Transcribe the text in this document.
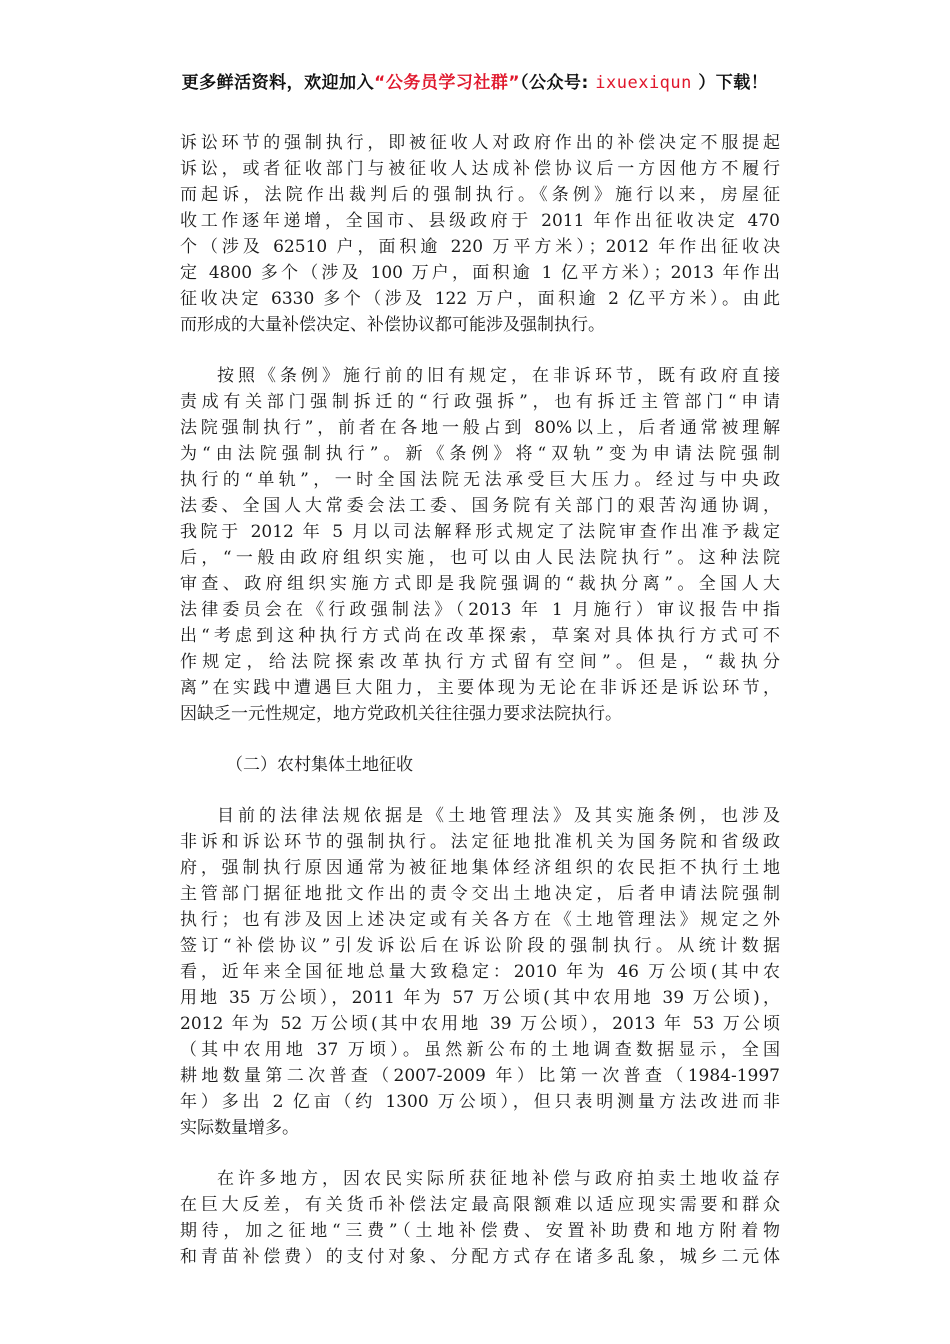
更多鲜活资料，欢迎加入“公务员学习社群”（公众号: ixuexiqun ）下载！
诉讼环节的强制执行，即被征收人对政府作出的补偿决定不服提起
诉讼，或者征收部门与被征收人达成补偿协议后一方因他方不履行
而起诉，法院作出裁判后的强制执行。《条例》施行以来，房屋征
收工作逐年递增，全国市、县级政府于 2011 年作出征收决定 470
个（涉及 62510 户，面积逾 220 万平方米）；2012 年作出征收决
定 4800 多个（涉及 100 万户，面积逾 1 亿平方米）；2013 年作出
征收决定 6330 多个（涉及 122 万户，面积逾 2 亿平方米）。由此
而形成的大量补偿决定、补偿协议都可能涉及强制执行。
按照《条例》施行前的旧有规定，在非诉环节，既有政府直接
责成有关部门强制拆迁的“行政强拆”，也有拆迁主管部门“申请
法院强制执行”，前者在各地一般占到 80%以上，后者通常被理解
为“由法院强制执行”。新《条例》将“双轨”变为申请法院强制
执行的“单轨”，一时全国法院无法承受巨大压力。经过与中央政
法委、全国人大常委会法工委、国务院有关部门的艰苦沟通协调，
我院于 2012 年 5 月以司法解释形式规定了法院审查作出准予裁定
后，“一般由政府组织实施，也可以由人民法院执行”。这种法院
审查、政府组织实施方式即是我院强调的“裁执分离”。全国人大
法律委员会在《行政强制法》（2013 年 1 月施行）审议报告中指
出“考虑到这种执行方式尚在改革探索，草案对具体执行方式可不
作规定，给法院探索改革执行方式留有空间”。但是，“裁执分
离”在实践中遭遇巨大阻力，主要体现为无论在非诉还是诉讼环节，
因缺乏一元性规定，地方党政机关往往强力要求法院执行。
（二）农村集体土地征收
目前的法律法规依据是《土地管理法》及其实施条例，也涉及
非诉和诉讼环节的强制执行。法定征地批准机关为国务院和省级政
府，强制执行原因通常为被征地集体经济组织的农民拒不执行土地
主管部门据征地批文作出的责令交出土地决定，后者申请法院强制
执行；也有涉及因上述决定或有关各方在《土地管理法》规定之外
签订“补偿协议”引发诉讼后在诉讼阶段的强制执行。从统计数据
看，近年来全国征地总量大致稳定：2010 年为 46 万公顷(其中农
用地 35 万公顷），2011 年为 57 万公顷(其中农用地 39 万公顷)，
2012 年为 52 万公顷(其中农用地 39 万公顷），2013 年 53 万公顷
（其中农用地 37 万顷）。虽然新公布的土地调查数据显示，全国
耕地数量第二次普查（2007-2009 年）比第一次普查（1984-1997
年）多出 2 亿亩（约 1300 万公顷），但只表明测量方法改进而非
实际数量增多。
在许多地方，因农民实际所获征地补偿与政府拍卖土地收益存
在巨大反差，有关货币补偿法定最高限额难以适应现实需要和群众
期待，加之征地“三费”（土地补偿费、安置补助费和地方附着物
和青苗补偿费）的支付对象、分配方式存在诸多乱象，城乡二元体
